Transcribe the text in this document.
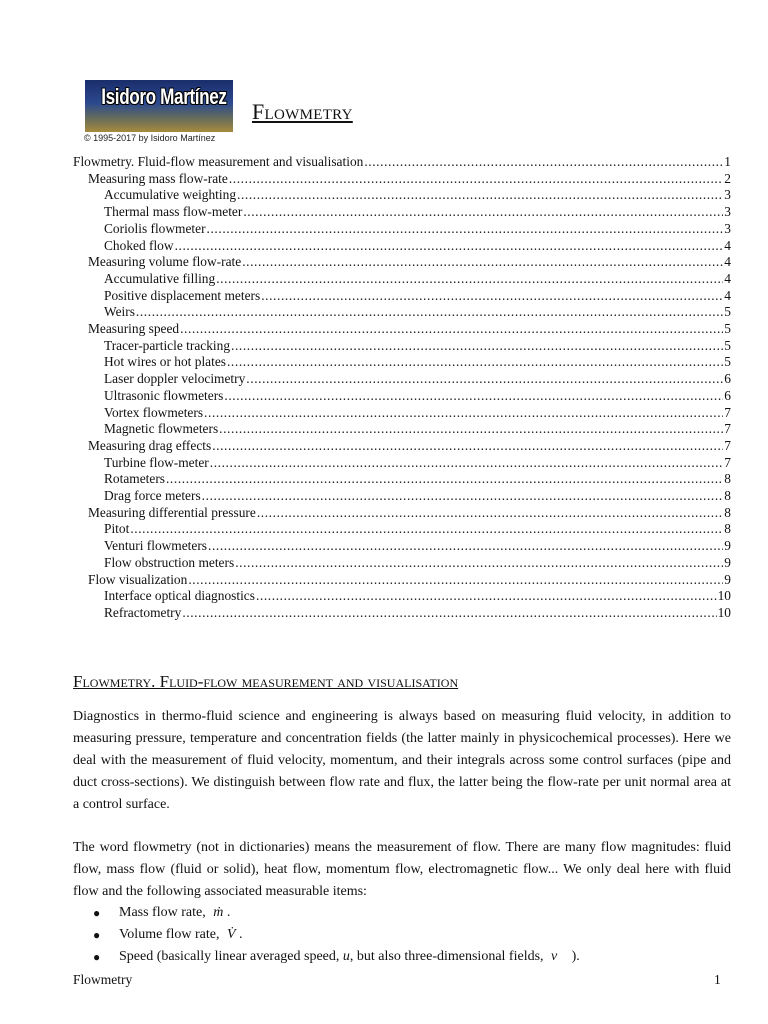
Isidoro Martínez
© 1995-2017 by Isidoro Martínez
Flowmetry
Flowmetry. Fluid-flow measurement and visualisation .....	1
Measuring mass flow-rate .....	2
Accumulative weighting .....	3
Thermal mass flow-meter .....	3
Coriolis flowmeter .....	3
Choked flow .....	4
Measuring volume flow-rate .....	4
Accumulative filling .....	4
Positive displacement meters .....	4
Weirs .....	5
Measuring speed .....	5
Tracer-particle tracking .....	5
Hot wires or hot plates .....	5
Laser doppler velocimetry .....	6
Ultrasonic flowmeters .....	6
Vortex flowmeters .....	7
Magnetic flowmeters .....	7
Measuring drag effects .....	7
Turbine flow-meter .....	7
Rotameters .....	8
Drag force meters .....	8
Measuring differential pressure .....	8
Pitot .....	8
Venturi flowmeters .....	9
Flow obstruction meters .....	9
Flow visualization .....	9
Interface optical diagnostics .....	10
Refractometry .....	10
Flowmetry. Fluid-flow measurement and visualisation

Diagnostics in thermo-fluid science and engineering is always based on measuring fluid velocity, in addition to measuring pressure, temperature and concentration fields (the latter mainly in physicochemical processes). Here we deal with the measurement of fluid velocity, momentum, and their integrals across some control surfaces (pipe and duct cross-sections). We distinguish between flow rate and flux, the latter being the flow-rate per unit normal area at a control surface.

The word flowmetry (not in dictionaries) means the measurement of flow. There are many flow magnitudes: fluid flow, mass flow (fluid or solid), heat flow, momentum flow, electromagnetic flow... We only deal here with fluid flow and the following associated measurable items:

● Mass flow rate, ṁ .
● Volume flow rate, V̇ .
● Speed (basically linear averaged speed, u, but also three-dimensional fields, v⃗ ).
Flowmetry	1
